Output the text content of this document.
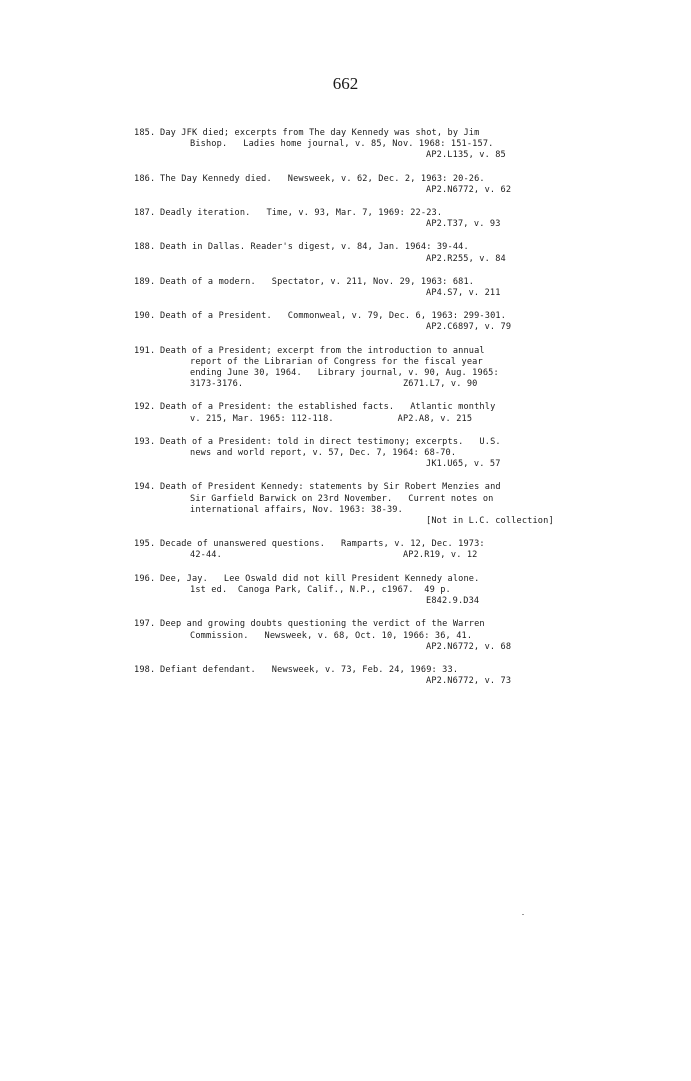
662
185. Day JFK died; excerpts from The day Kennedy was shot, by Jim
Bishop.   Ladies home journal, v. 85, Nov. 1968: 151-157.
AP2.L135, v. 85
186. The Day Kennedy died.   Newsweek, v. 62, Dec. 2, 1963: 20-26.
AP2.N6772, v. 62
187. Deadly iteration.   Time, v. 93, Mar. 7, 1969: 22-23.
AP2.T37, v. 93
188. Death in Dallas. Reader's digest, v. 84, Jan. 1964: 39-44.
AP2.R255, v. 84
189. Death of a modern.   Spectator, v. 211, Nov. 29, 1963: 681.
AP4.S7, v. 211
190. Death of a President.   Commonweal, v. 79, Dec. 6, 1963: 299-301.
AP2.C6897, v. 79
191. Death of a President; excerpt from the introduction to annual
report of the Librarian of Congress for the fiscal year
ending June 30, 1964.   Library journal, v. 90, Aug. 1965:
3173-3176.                              Z671.L7, v. 90
192. Death of a President: the established facts.   Atlantic monthly
v. 215, Mar. 1965: 112-118.            AP2.A8, v. 215
193. Death of a President: told in direct testimony; excerpts.   U.S.
news and world report, v. 57, Dec. 7, 1964: 68-70.
JK1.U65, v. 57
194. Death of President Kennedy: statements by Sir Robert Menzies and
Sir Garfield Barwick on 23rd November.   Current notes on
international affairs, Nov. 1963: 38-39.
[Not in L.C. collection]
195. Decade of unanswered questions.   Ramparts, v. 12, Dec. 1973:
42-44.                                  AP2.R19, v. 12
196. Dee, Jay.   Lee Oswald did not kill President Kennedy alone.
1st ed.  Canoga Park, Calif., N.P., c1967.  49 p.
E842.9.D34
197. Deep and growing doubts questioning the verdict of the Warren
Commission.   Newsweek, v. 68, Oct. 10, 1966: 36, 41.
AP2.N6772, v. 68
198. Defiant defendant.   Newsweek, v. 73, Feb. 24, 1969: 33.
AP2.N6772, v. 73
